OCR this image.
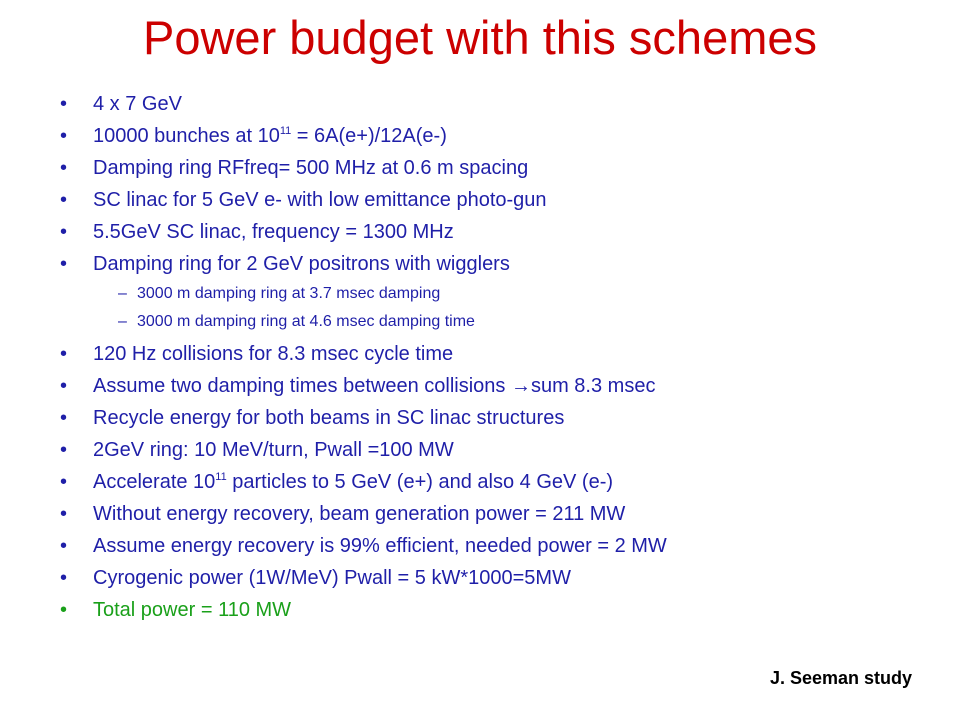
Power budget with this schemes
• 4 x 7 GeV
• 10000 bunches at $10^{11} = 6A(e+)/12A(e-)$
• Damping ring RFfreq= 500 MHz at 0.6 m spacing
• SC linac for 5 GeV e- with low emittance photo-gun
• 5.5GeV SC linac, frequency = 1300 MHz
• Damping ring for 2 GeV positrons with wigglers
– 3000 m damping ring at 3.7 msec damping
– 3000 m damping ring at 4.6 msec damping time
• 120 Hz collisions for 8.3 msec cycle time
• Assume two damping times between collisions →sum 8.3 msec
• Recycle energy for both beams in SC linac structures
• 2GeV ring: 10 MeV/turn, Pwall =100 MW
• Accelerate $10^{11}$ particles to 5 GeV (e+) and also 4 GeV (e-)
• Without energy recovery, beam generation power = 211 MW
• Assume energy recovery is 99% efficient, needed power = 2 MW
• Cyrogenic power (1W/MeV) Pwall = 5 kW*1000=5MW
• Total power = 110 MW
J. Seeman study
